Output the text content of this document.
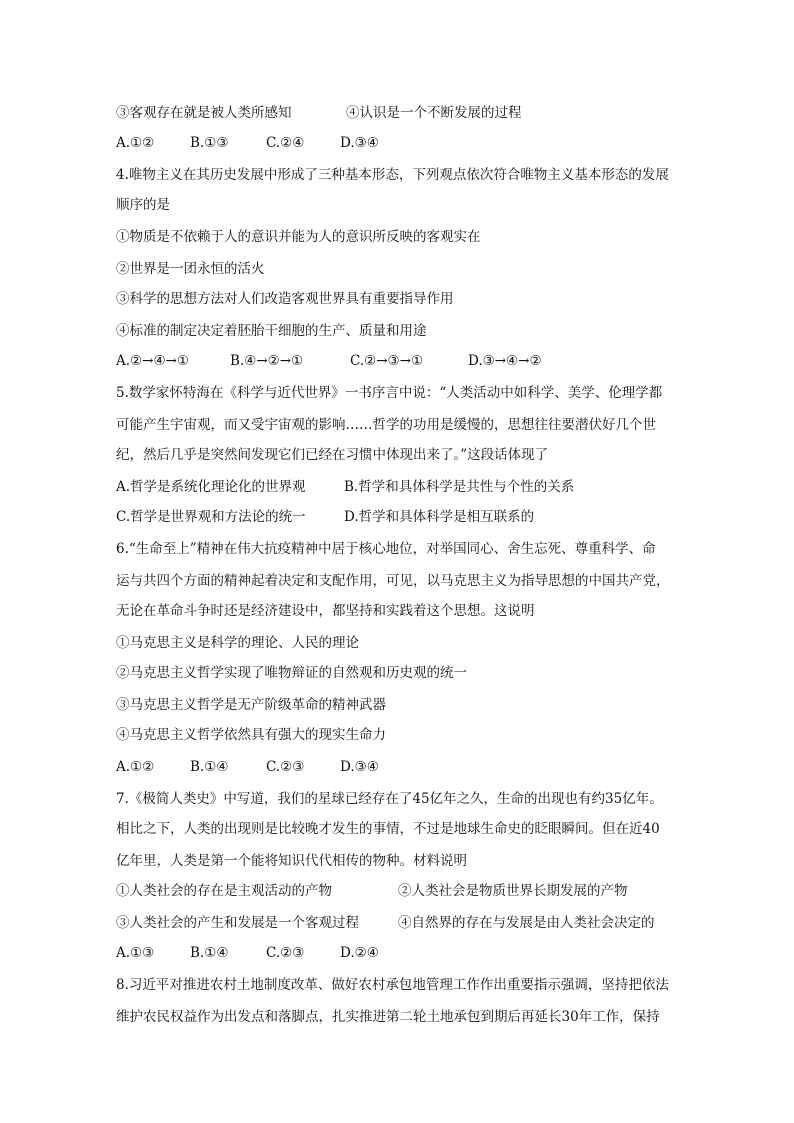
③客观存在就是被人类所感知	④认识是一个不断发展的过程
A.①②	B.①③	C.②④	D.③④
4.唯物主义在其历史发展中形成了三种基本形态，下列观点依次符合唯物主义基本形态的发展
顺序的是
①物质是不依赖于人的意识并能为人的意识所反映的客观实在
②世界是一团永恒的活火
③科学的思想方法对人们改造客观世界具有重要指导作用
④标准的制定决定着胚胎干细胞的生产、质量和用途
A.②→④→①	B.④→②→①	C.②→③→①	D.③→④→②
5.数学家怀特海在《科学与近代世界》一书序言中说：“人类活动中如科学、美学、伦理学都
可能产生宇宙观，而又受宇宙观的影响……哲学的功用是缓慢的，思想往往要潜伏好几个世
纪，然后几乎是突然间发现它们已经在习惯中体现出来了。”这段话体现了
A.哲学是系统化理论化的世界观	B.哲学和具体科学是共性与个性的关系
C.哲学是世界观和方法论的统一	D.哲学和具体科学是相互联系的
6.“生命至上”精神在伟大抗疫精神中居于核心地位，对举国同心、舍生忘死、尊重科学、命
运与共四个方面的精神起着决定和支配作用，可见，以马克思主义为指导思想的中国共产党，
无论在革命斗争时还是经济建设中，都坚持和实践着这个思想。这说明
①马克思主义是科学的理论、人民的理论
②马克思主义哲学实现了唯物辩证的自然观和历史观的统一
③马克思主义哲学是无产阶级革命的精神武器
④马克思主义哲学依然具有强大的现实生命力
A.①②	B.①④	C.②③	D.③④
7.《极简人类史》中写道，我们的星球已经存在了45亿年之久，生命的出现也有约35亿年。
相比之下，人类的出现则是比较晚才发生的事情，不过是地球生命史的眨眼瞬间。但在近40
亿年里，人类是第一个能将知识代代相传的物种。材料说明
①人类社会的存在是主观活动的产物	②人类社会是物质世界长期发展的产物
③人类社会的产生和发展是一个客观过程	④自然界的存在与发展是由人类社会决定的
A.①③	B.①④	C.②③	D.②④
8.习近平对推进农村土地制度改革、做好农村承包地管理工作作出重要指示强调，坚持把依法
维护农民权益作为出发点和落脚点，扎实推进第二轮土地承包到期后再延长30年工作，保持
